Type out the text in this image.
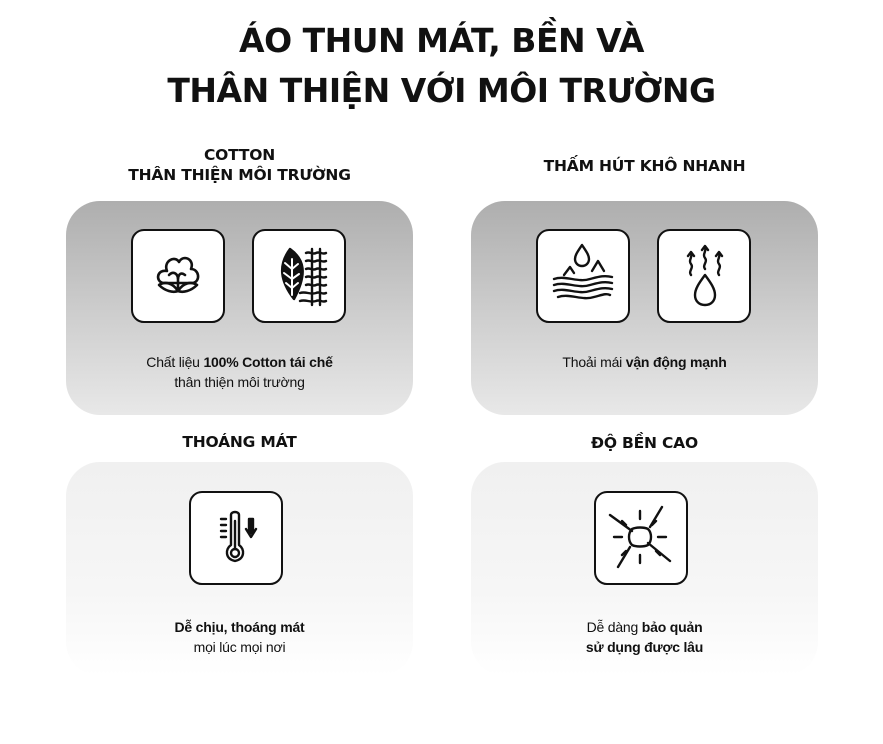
ÁO THUN MÁT, BỀN VÀ
THÂN THIỆN VỚI MÔI TRƯỜNG
COTTON
THÂN THIỆN MÔI TRƯỜNG
Chất liệu 100% Cotton tái chế
thân thiện môi trường
THẤM HÚT KHÔ NHANH
Thoải mái vận động mạnh
THOÁNG MÁT
Dễ chịu, thoáng mát
mọi lúc mọi nơi
ĐỘ BỀN CAO
Dễ dàng bảo quản
sử dụng được lâu
